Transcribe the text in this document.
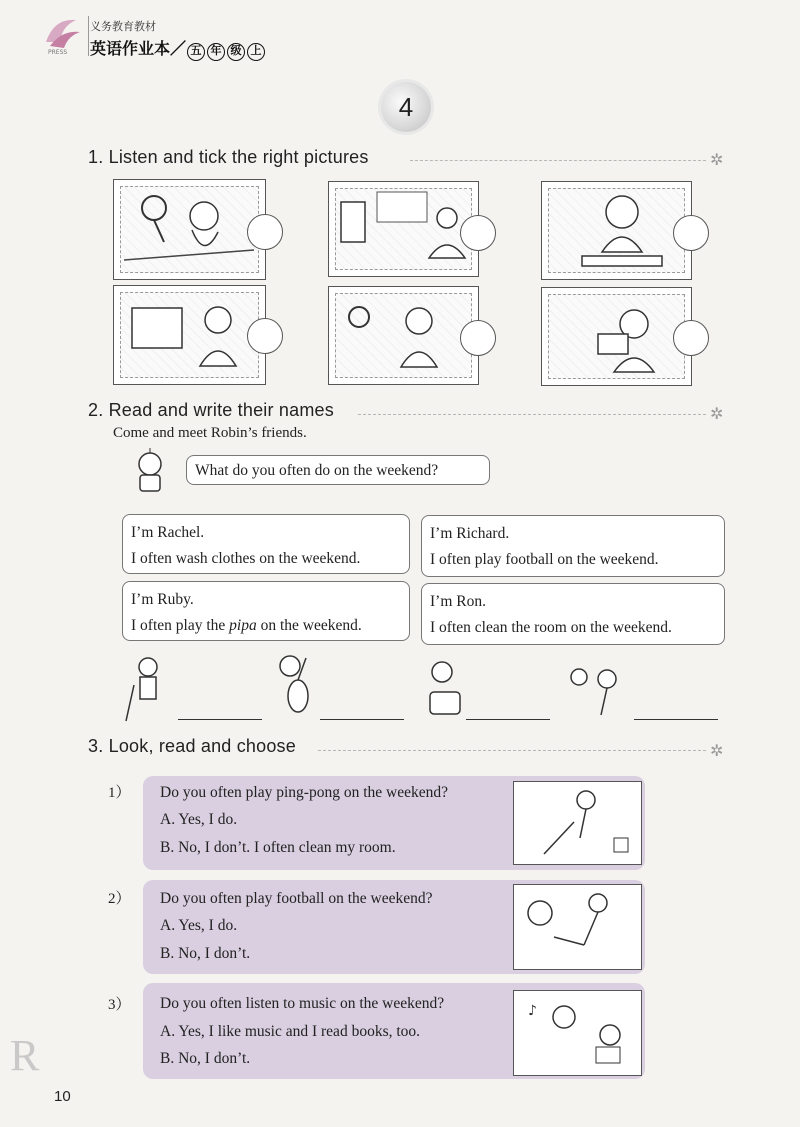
PRESS
义务教育教材
英语作业本／ 五 年 级 上
4
1. Listen and tick the right pictures	✲
2. Read and write their names	✲
Come and meet Robin’s friends.
What do you often do on the weekend?
I’m Rachel.
I often wash clothes on the weekend.
I’m Richard.
I often play football on the weekend.
I’m Ruby.
I often play the pipa on the weekend.
I’m Ron.
I often clean the room on the weekend.
3. Look, read and choose	✲
1） Do you often play ping-pong on the weekend?
A. Yes, I do.
B. No, I don’t. I often clean my room.
2） Do you often play football on the weekend?
A. Yes, I do.
B. No, I don’t.
3） Do you often listen to music on the weekend?
A. Yes, I like music and I read books, too.
B. No, I don’t.
♪
R
10
